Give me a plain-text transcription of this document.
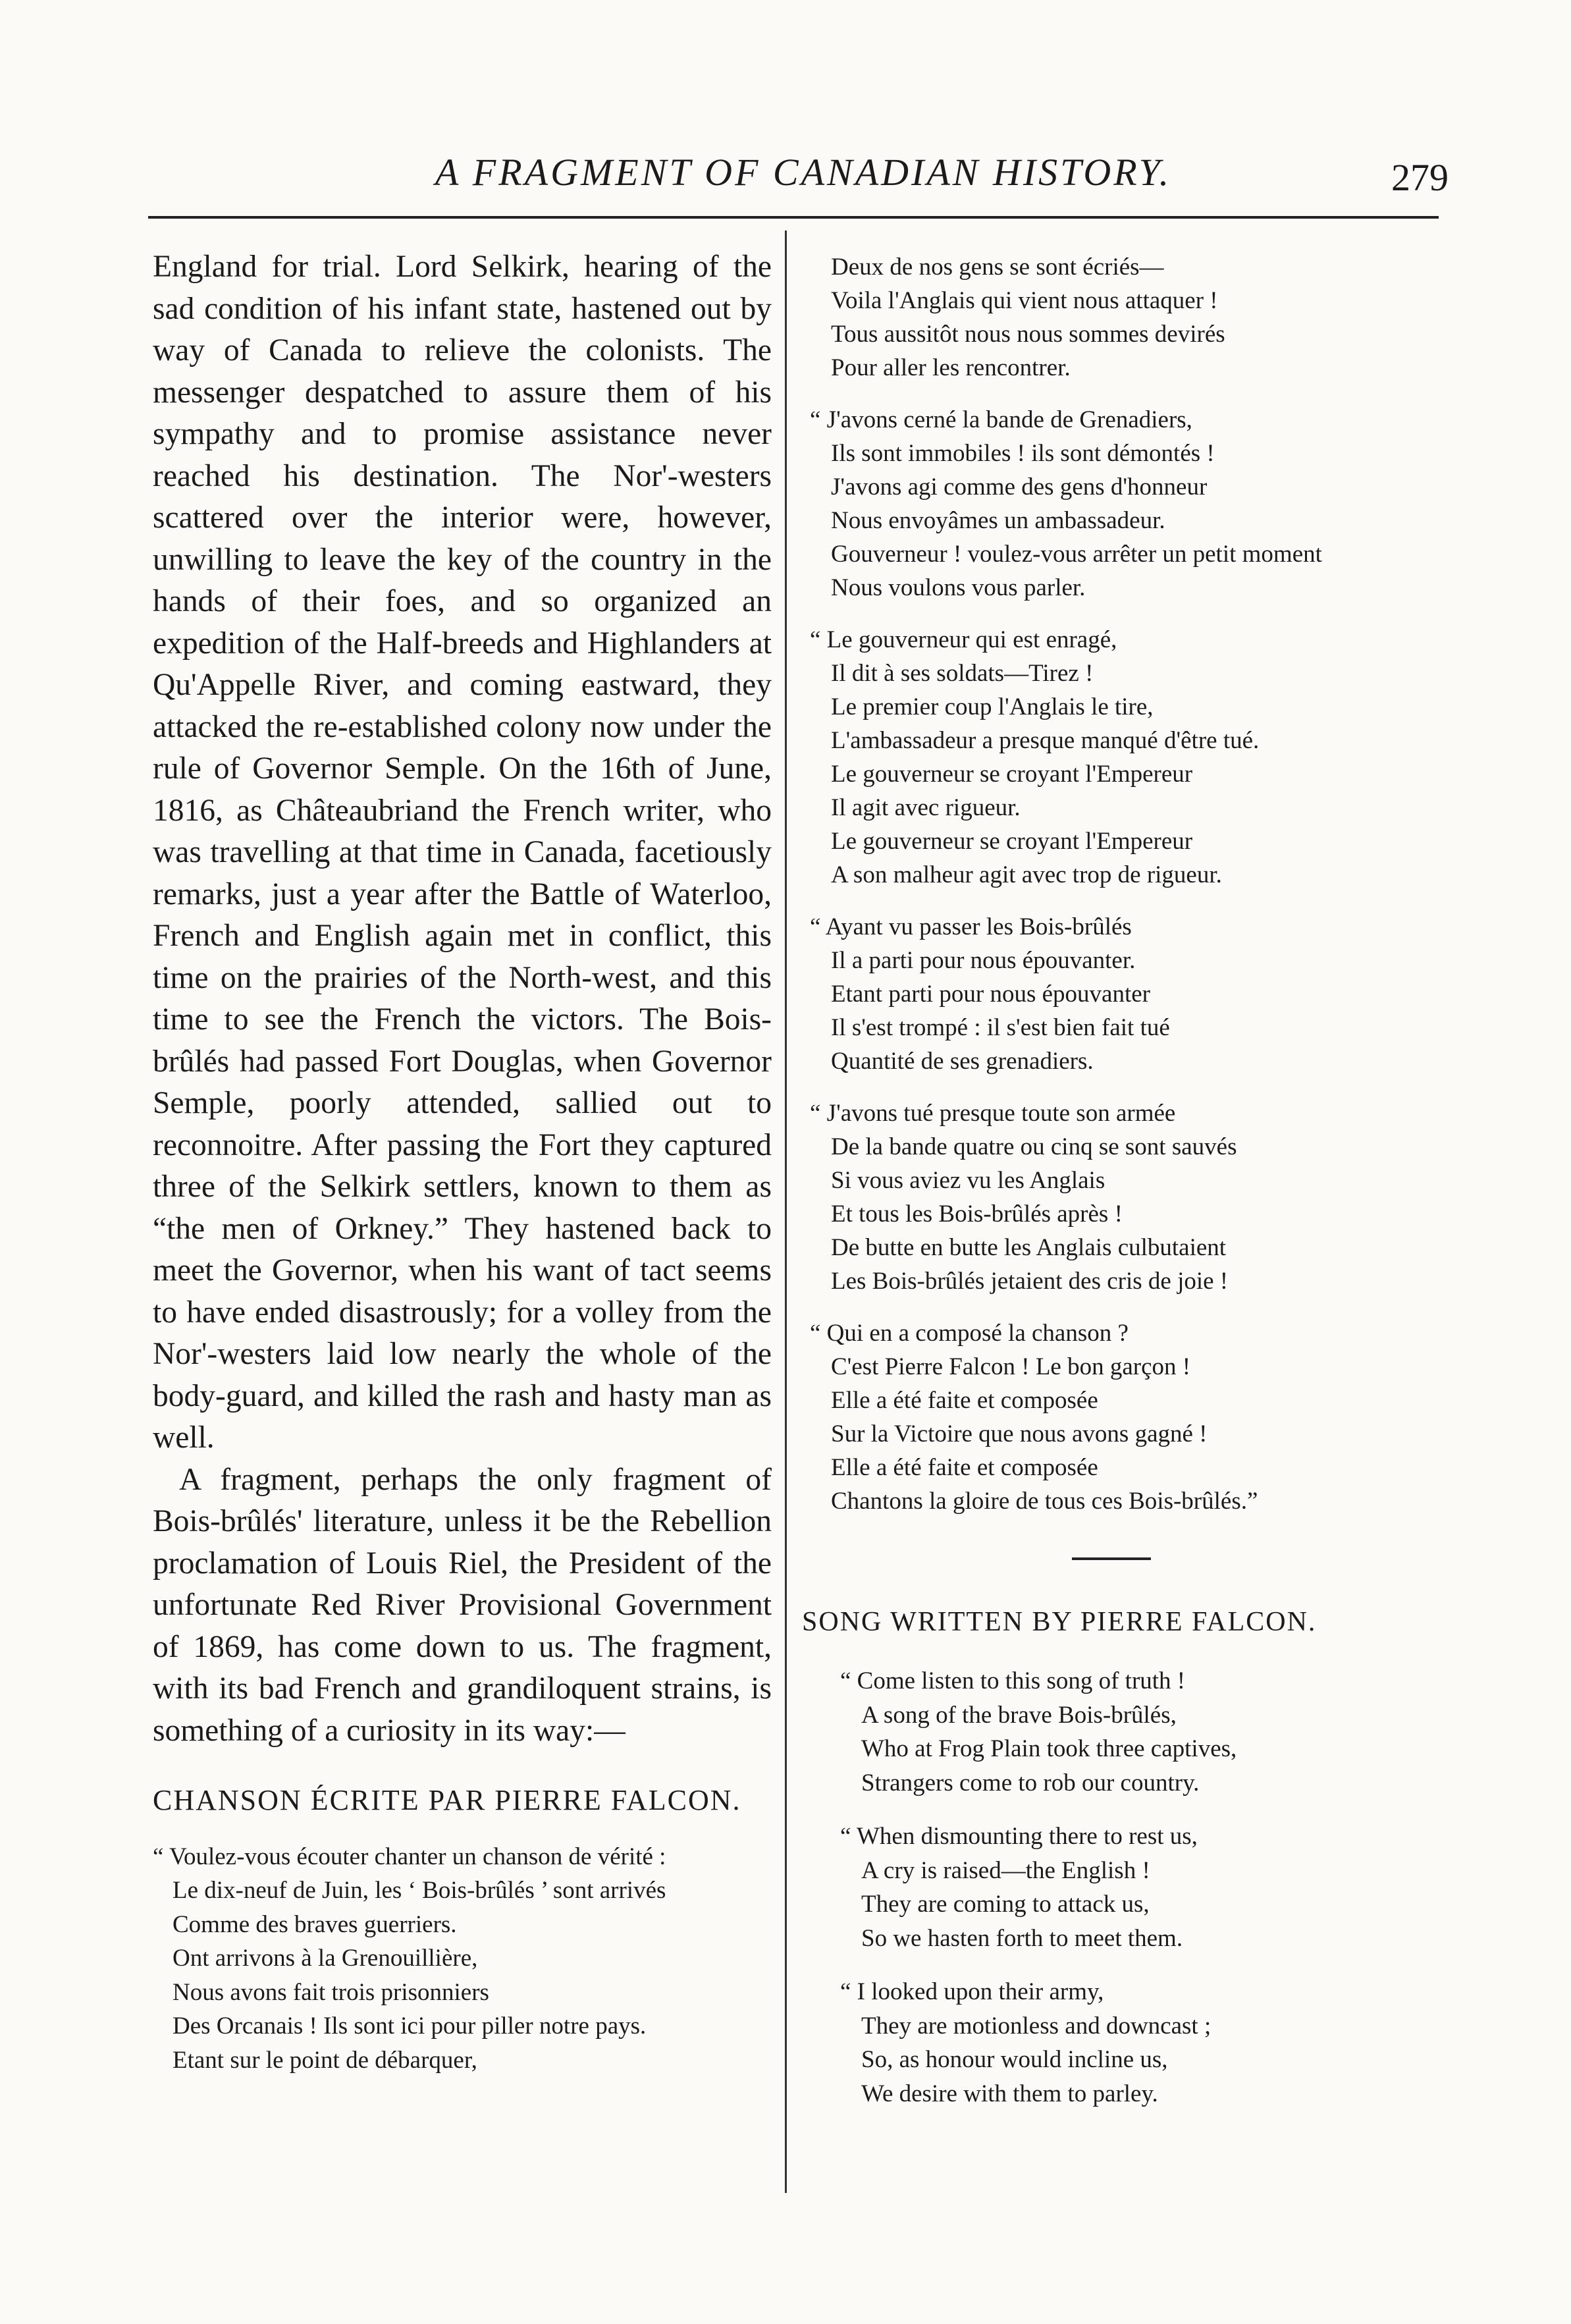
A FRAGMENT OF CANADIAN HISTORY.	279

England for trial. Lord Selkirk, hearing of the sad condition of his infant state, hastened out by way of Canada to relieve the colonists. The messenger despatched to assure them of his sympathy and to promise assistance never reached his destination. The Nor'-westers scattered over the interior were, however, unwilling to leave the key of the country in the hands of their foes, and so organized an expedition of the Half-breeds and Highlanders at Qu'Appelle River, and coming eastward, they attacked the re-established colony now under the rule of Governor Semple. On the 16th of June, 1816, as Châteaubriand the French writer, who was travelling at that time in Canada, facetiously remarks, just a year after the Battle of Waterloo, French and English again met in conflict, this time on the prairies of the North-west, and this time to see the French the victors. The Bois-brûlés had passed Fort Douglas, when Governor Semple, poorly attended, sallied out to reconnoitre. After passing the Fort they captured three of the Selkirk settlers, known to them as “the men of Orkney.” They hastened back to meet the Governor, when his want of tact seems to have ended disastrously; for a volley from the Nor'-westers laid low nearly the whole of the body-guard, and killed the rash and hasty man as well.

A fragment, perhaps the only fragment of Bois-brûlés' literature, unless it be the Rebellion proclamation of Louis Riel, the President of the unfortunate Red River Provisional Government of 1869, has come down to us. The fragment, with its bad French and grandiloquent strains, is something of a curiosity in its way:—

CHANSON ÉCRITE PAR PIERRE FALCON.
“ Voulez-vous écouter chanter un chanson de vérité :
Le dix-neuf de Juin, les ‘ Bois-brûlés ’ sont arrivés
Comme des braves guerriers.
Ont arrivons à la Grenouillière,
Nous avons fait trois prisonniers
Des Orcanais ! Ils sont ici pour piller notre pays.
Etant sur le point de débarquer,
Deux de nos gens se sont écriés—
Voila l'Anglais qui vient nous attaquer !
Tous aussitôt nous nous sommes devirés
Pour aller les rencontrer.
“ J'avons cerné la bande de Grenadiers,
Ils sont immobiles ! ils sont démontés !
J'avons agi comme des gens d'honneur
Nous envoyâmes un ambassadeur.
Gouverneur ! voulez-vous arrêter un petit moment
Nous voulons vous parler.
“ Le gouverneur qui est enragé,
Il dit à ses soldats—Tirez !
Le premier coup l'Anglais le tire,
L'ambassadeur a presque manqué d'être tué.
Le gouverneur se croyant l'Empereur
Il agit avec rigueur.
Le gouverneur se croyant l'Empereur
A son malheur agit avec trop de rigueur.
“ Ayant vu passer les Bois-brûlés
Il a parti pour nous épouvanter.
Etant parti pour nous épouvanter
Il s'est trompé : il s'est bien fait tué
Quantité de ses grenadiers.
“ J'avons tué presque toute son armée
De la bande quatre ou cinq se sont sauvés
Si vous aviez vu les Anglais
Et tous les Bois-brûlés après !
De butte en butte les Anglais culbutaient
Les Bois-brûlés jetaient des cris de joie !
“ Qui en a composé la chanson ?
C'est Pierre Falcon ! Le bon garçon !
Elle a été faite et composée
Sur la Victoire que nous avons gagné !
Elle a été faite et composée
Chantons la gloire de tous ces Bois-brûlés.”
SONG WRITTEN BY PIERRE FALCON.
“ Come listen to this song of truth !
A song of the brave Bois-brûlés,
Who at Frog Plain took three captives,
Strangers come to rob our country.
“ When dismounting there to rest us,
A cry is raised—the English !
They are coming to attack us,
So we hasten forth to meet them.
“ I looked upon their army,
They are motionless and downcast ;
So, as honour would incline us,
We desire with them to parley.
